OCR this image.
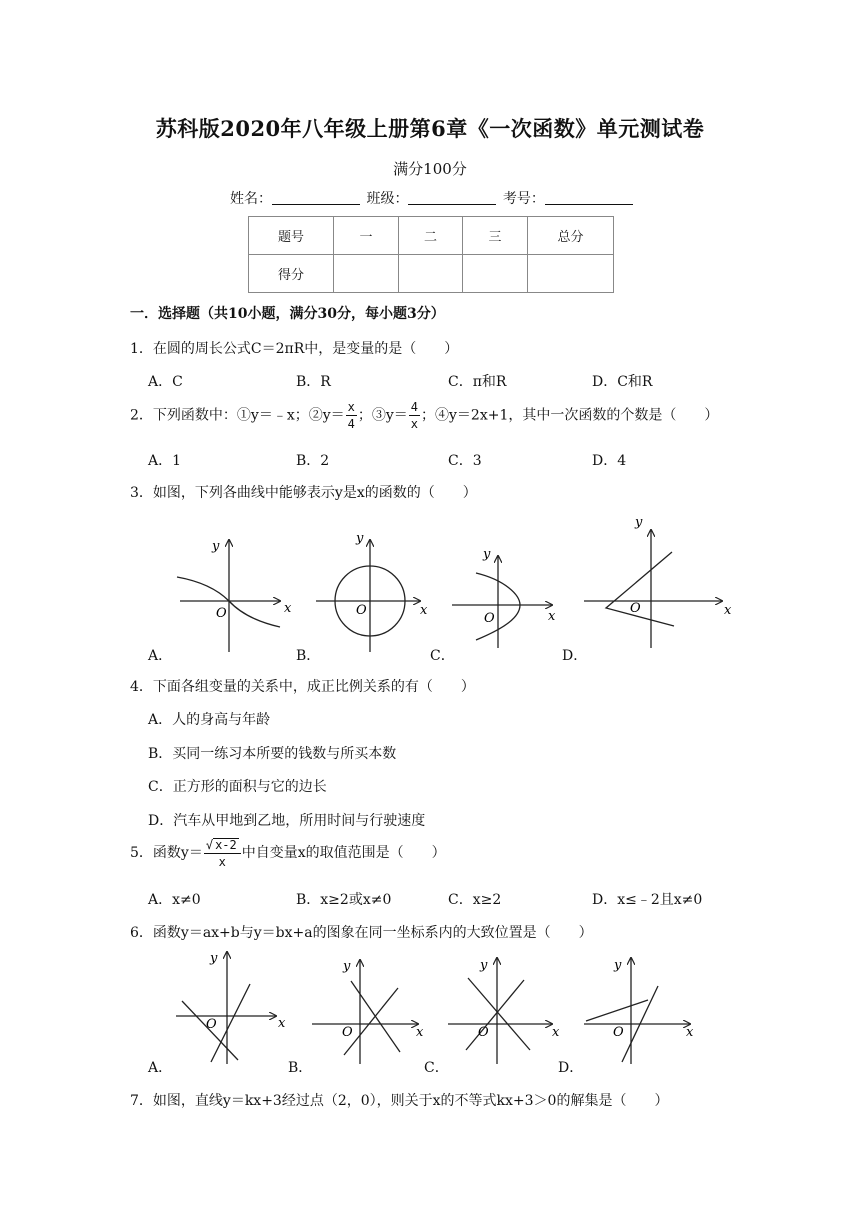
苏科版2020年八年级上册第6章《一次函数》单元测试卷
满分100分
姓名：	班级：	考号：
题号	一	二	三	总分
得分				
一．选择题（共10小题，满分30分，每小题3分）
1．在圆的周长公式C＝2πR中，是变量的是（　　）
A．C	B．R	C．π和R	D．C和R
2．下列函数中：①y＝﹣x；②y＝ $\frac{x}{4}$ ；③y＝ $\frac{4}{x}$ ；④y＝2x+1，其中一次函数的个数是（　　）
A．1	B．2	C．3	D．4
3．如图，下列各曲线中能够表示y是x的函数的（　　）
x
y
O	x
y
O	x
y
O
x
y
O
x
y
O
x
y
O	x
y
O	x
y
O
A．	B．	C．	D．
4．下面各组变量的关系中，成正比例关系的有（　　）
A．人的身高与年龄
B．买同一练习本所要的钱数与所买本数
C．正方形的面积与它的边长
D．汽车从甲地到乙地，所用时间与行驶速度
5．函数$y= \frac{√ x-2}{x}$ 中自变量x的取值范围是（　　）
A．x≠0	B．x≥2或x≠0	C．x≥2	D．x≤﹣2且x≠0
6．函数y＝ax+b与y＝bx+a的图象在同一坐标系内的大致位置是（　　）
A．	B．	C．	D．
7．如图，直线y＝kx+3经过点（2，0），则关于x的不等式kx+3＞0的解集是（　　）
